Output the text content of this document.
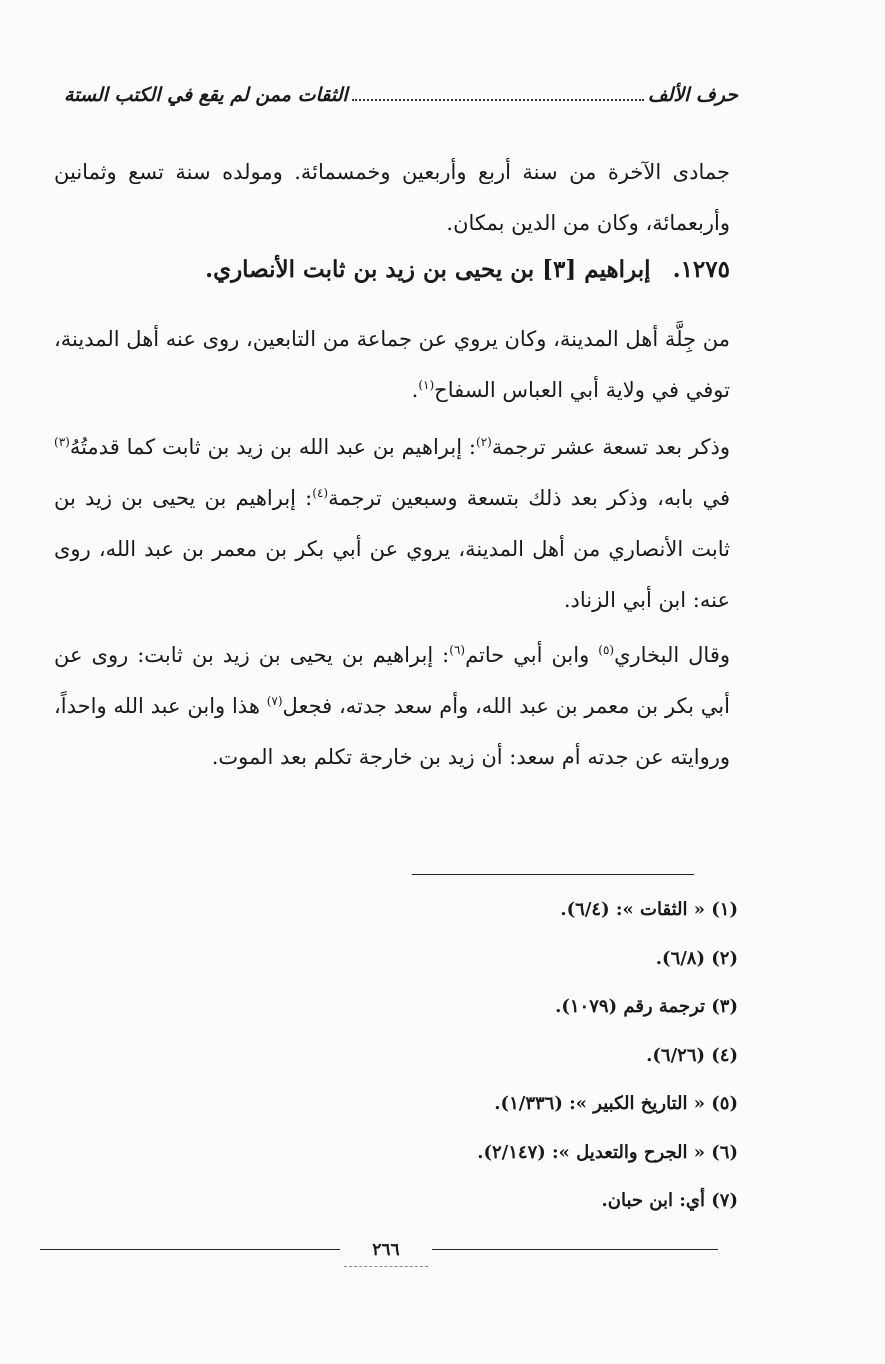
حرف الألف
الثقات ممن لم يقع في الكتب الستة
جمادى الآخرة من سنة أربع وأربعين وخمسمائة. ومولده سنة تسع وثمانين وأربعمائة، وكان من الدين بمكان.
١٢٧٥. إبراهيم [٣] بن يحيى بن زيد بن ثابت الأنصاري.
من جِلَّة أهل المدينة، وكان يروي عن جماعة من التابعين، روى عنه أهل المدينة، توفي في ولاية أبي العباس السفاح$^{(١)}$.
وذكر بعد تسعة عشر ترجمة$^{(٢)}$: إبراهيم بن عبد الله بن زيد بن ثابت كما قدمتُهُ$^{(٣)}$ في بابه، وذكر بعد ذلك بتسعة وسبعين ترجمة$^{(٤)}$: إبراهيم بن يحيى بن زيد بن ثابت الأنصاري من أهل المدينة، يروي عن أبي بكر بن معمر بن عبد الله، روى عنه: ابن أبي الزناد.
وقال البخاري$^{(٥)}$ وابن أبي حاتم$^{(٦)}$: إبراهيم بن يحيى بن زيد بن ثابت: روى عن أبي بكر بن معمر بن عبد الله، وأم سعد جدته، فجعل$^{(٧)}$ هذا وابن عبد الله واحداً، وروايته عن جدته أم سعد: أن زيد بن خارجة تكلم بعد الموت.
(١) « الثقات »: (٦/٤).
(٢) (٦/٨).
(٣) ترجمة رقم (١٠٧٩).
(٤) (٦/٢٦).
(٥) « التاريخ الكبير »: (١/٣٣٦).
(٦) « الجرح والتعديل »: (٢/١٤٧).
(٧) أي: ابن حبان.
٢٦٦
